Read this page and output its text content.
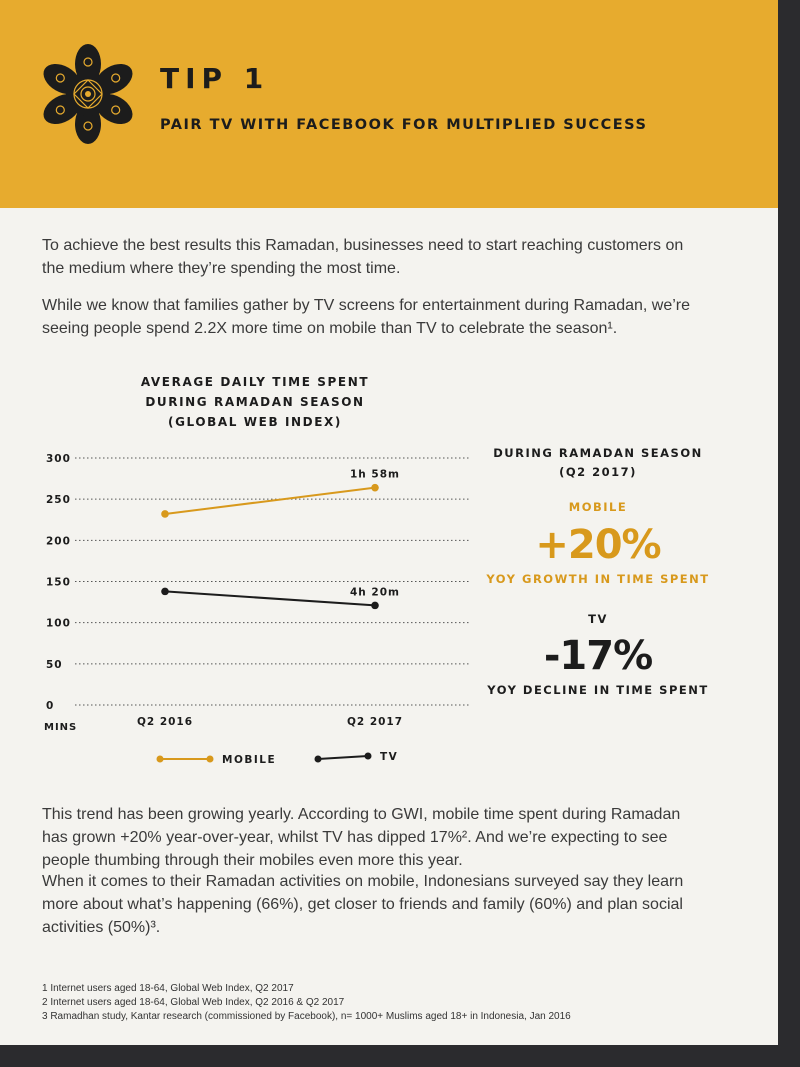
TIP 1
PAIR TV WITH FACEBOOK FOR MULTIPLIED SUCCESS
To achieve the best results this Ramadan, businesses need to start reaching customers on the medium where they’re spending the most time.
While we know that families gather by TV screens for entertainment during Ramadan, we’re seeing people spend 2.2X more time on mobile than TV to celebrate the season¹.
AVERAGE DAILY TIME SPENT
DURING RAMADAN SEASON
(GLOBAL WEB INDEX)
0
50
100
150
200
250
300
MINS	Q2 2016	Q2 2017
1h 58m
4h 20m
MOBILE	TV
DURING RAMADAN SEASON
(Q2 2017)
MOBILE
+20%
YOY GROWTH IN TIME SPENT
TV
-17%
YOY DECLINE IN TIME SPENT
This trend has been growing yearly. According to GWI, mobile time spent during Ramadan has grown +20% year-over-year, whilst TV has dipped 17%². And we’re expecting to see people thumbing through their mobiles even more this year.
When it comes to their Ramadan activities on mobile, Indonesians surveyed say they learn more about what’s happening (66%), get closer to friends and family (60%) and plan social activities (50%)³.
1 Internet users aged 18-64, Global Web Index, Q2 2017
2 Internet users aged 18-64, Global Web Index, Q2 2016 & Q2 2017
3 Ramadhan study, Kantar research (commissioned by Facebook), n= 1000+ Muslims aged 18+ in Indonesia, Jan 2016
